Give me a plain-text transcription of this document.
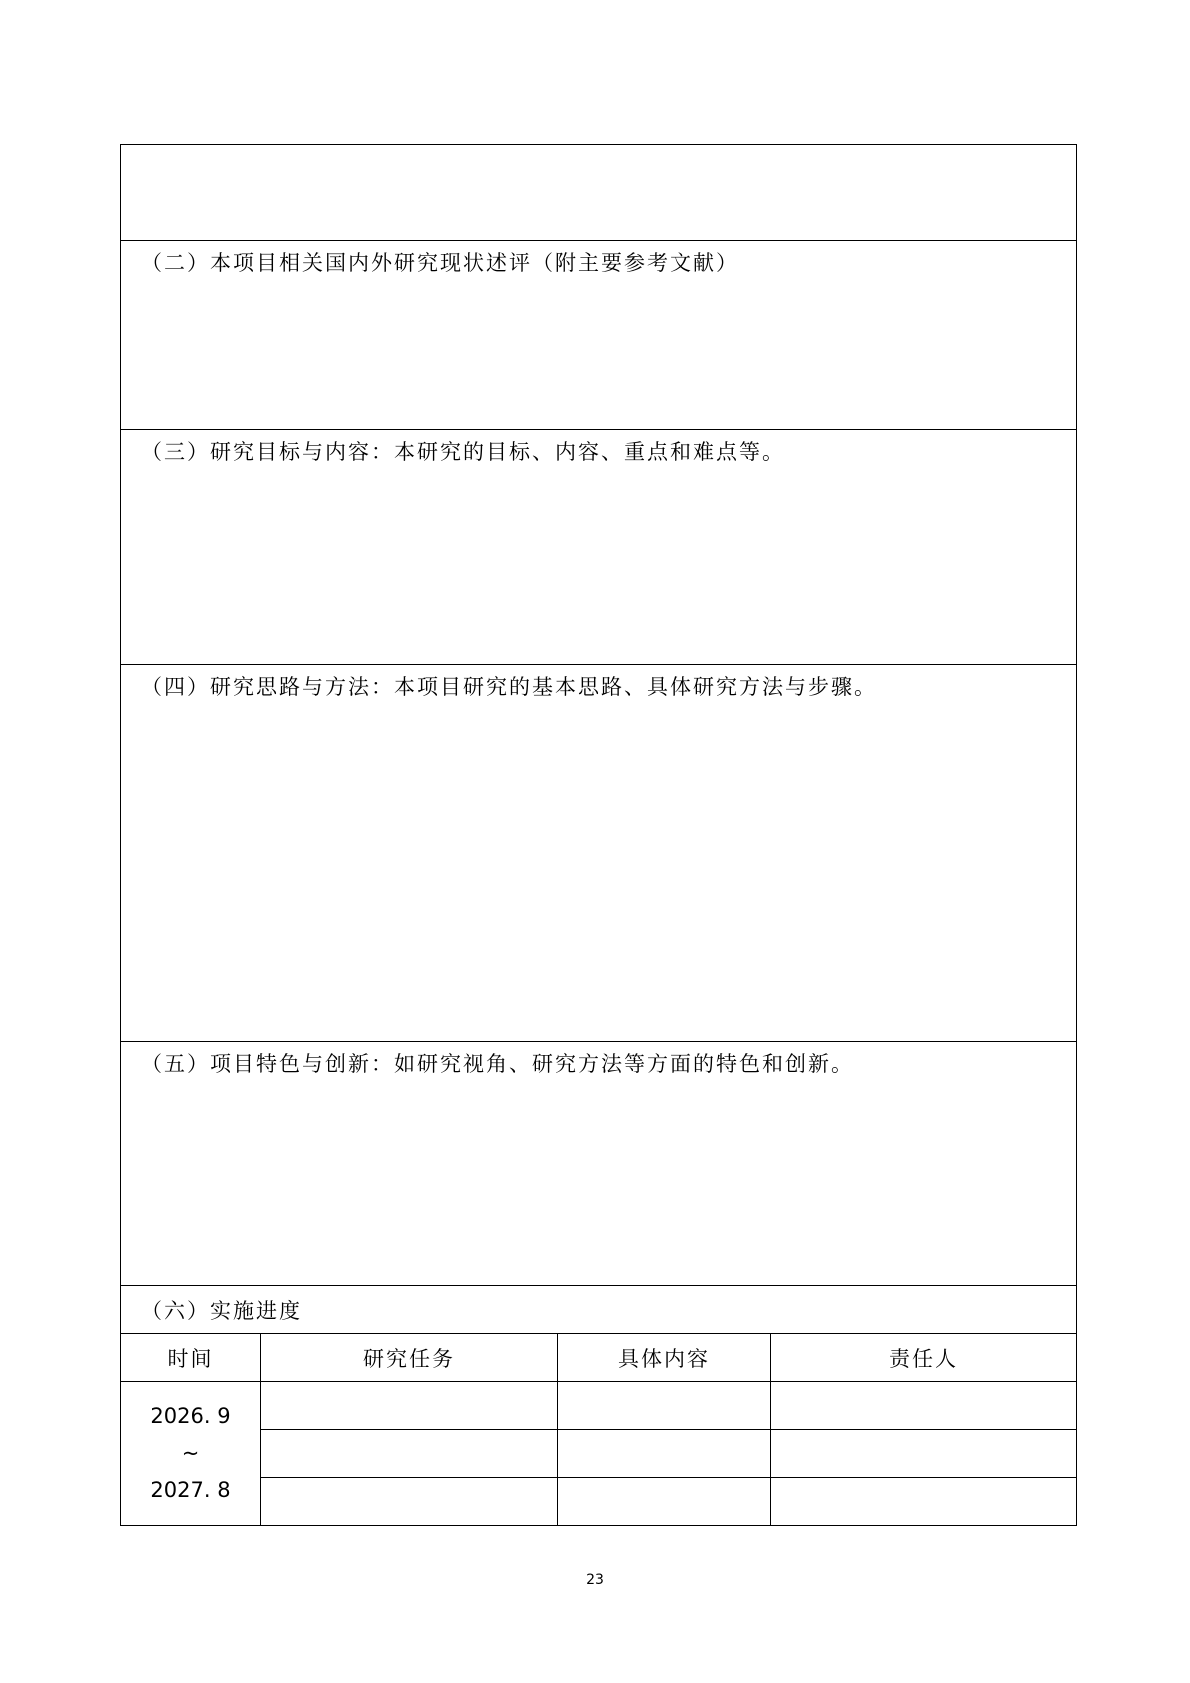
（二）本项目相关国内外研究现状述评（附主要参考文献）			
（三）研究目标与内容：本研究的目标、内容、重点和难点等。			
（四）研究思路与方法：本项目研究的基本思路、具体研究方法与步骤。			
（五）项目特色与创新：如研究视角、研究方法等方面的特色和创新。			
（六）实施进度			
时间	研究任务	具体内容	责任人

2026. 9
~
2027. 8			

23
